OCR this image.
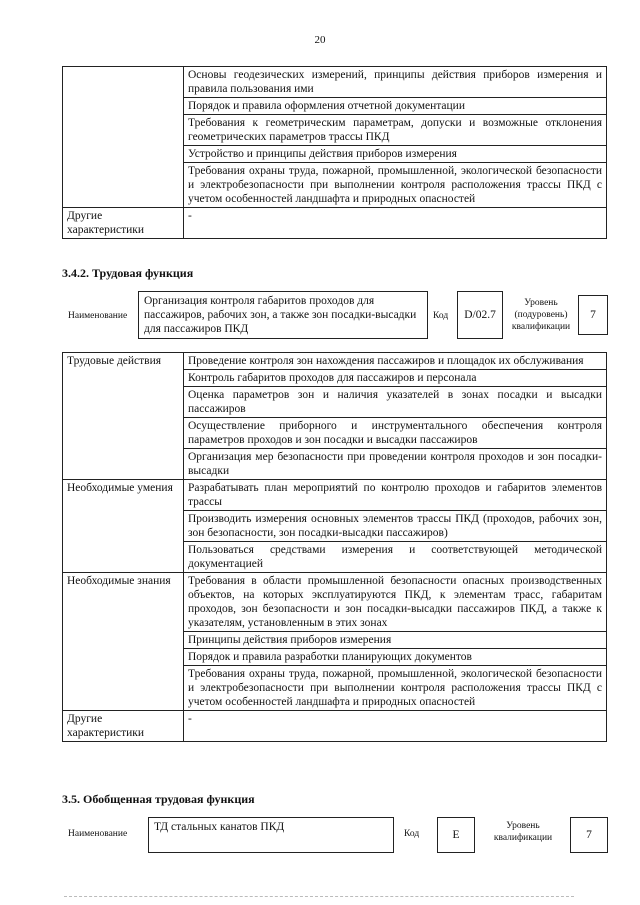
20
	Основы геодезических измерений, принципы действия приборов измерения и правила пользования ими
	Порядок и правила оформления отчетной документации
	Требования к геометрическим параметрам, допуски и возможные отклонения геометрических параметров трассы ПКД
	Устройство и принципы действия приборов измерения
	Требования охраны труда, пожарной, промышленной, экологической безопасности и электробезопасности при выполнении контроля расположения трассы ПКД с учетом особенностей ландшафта и природных опасностей
Другие характеристики	-
3.4.2. Трудовая функция
Наименование
Организация контроля габаритов проходов для пассажиров, рабочих зон, а также зон посадки-высадки для пассажиров ПКД
Код	D/02.7
Уровень (подуровень) квалификации
7
Трудовые действия	Проведение контроля зон нахождения пассажиров и площадок их обслуживания
	Контроль габаритов проходов для пассажиров и персонала
	Оценка параметров зон и наличия указателей в зонах посадки и высадки пассажиров
	Осуществление приборного и инструментального обеспечения контроля параметров проходов и зон посадки и высадки пассажиров
	Организация мер безопасности при проведении контроля проходов и зон посадки-высадки
Необходимые умения	Разрабатывать план мероприятий по контролю проходов и габаритов элементов трассы
	Производить измерения основных элементов трассы ПКД (проходов, рабочих зон, зон безопасности, зон посадки-высадки пассажиров)
	Пользоваться средствами измерения и соответствующей методической документацией
Необходимые знания	Требования в области промышленной безопасности опасных производственных объектов, на которых эксплуатируются ПКД, к элементам трасс, габаритам проходов, зон безопасности и зон посадки-высадки пассажиров ПКД, а также к указателям, установленным в этих зонах
	Принципы действия приборов измерения
	Порядок и правила разработки планирующих документов
	Требования охраны труда, пожарной, промышленной, экологической безопасности и электробезопасности при выполнении контроля расположения трассы ПКД с учетом особенностей ландшафта и природных опасностей
Другие характеристики	-
3.5. Обобщенная трудовая функция
Наименование
ТД стальных канатов ПКД
Код	E
Уровень квалификации	7
